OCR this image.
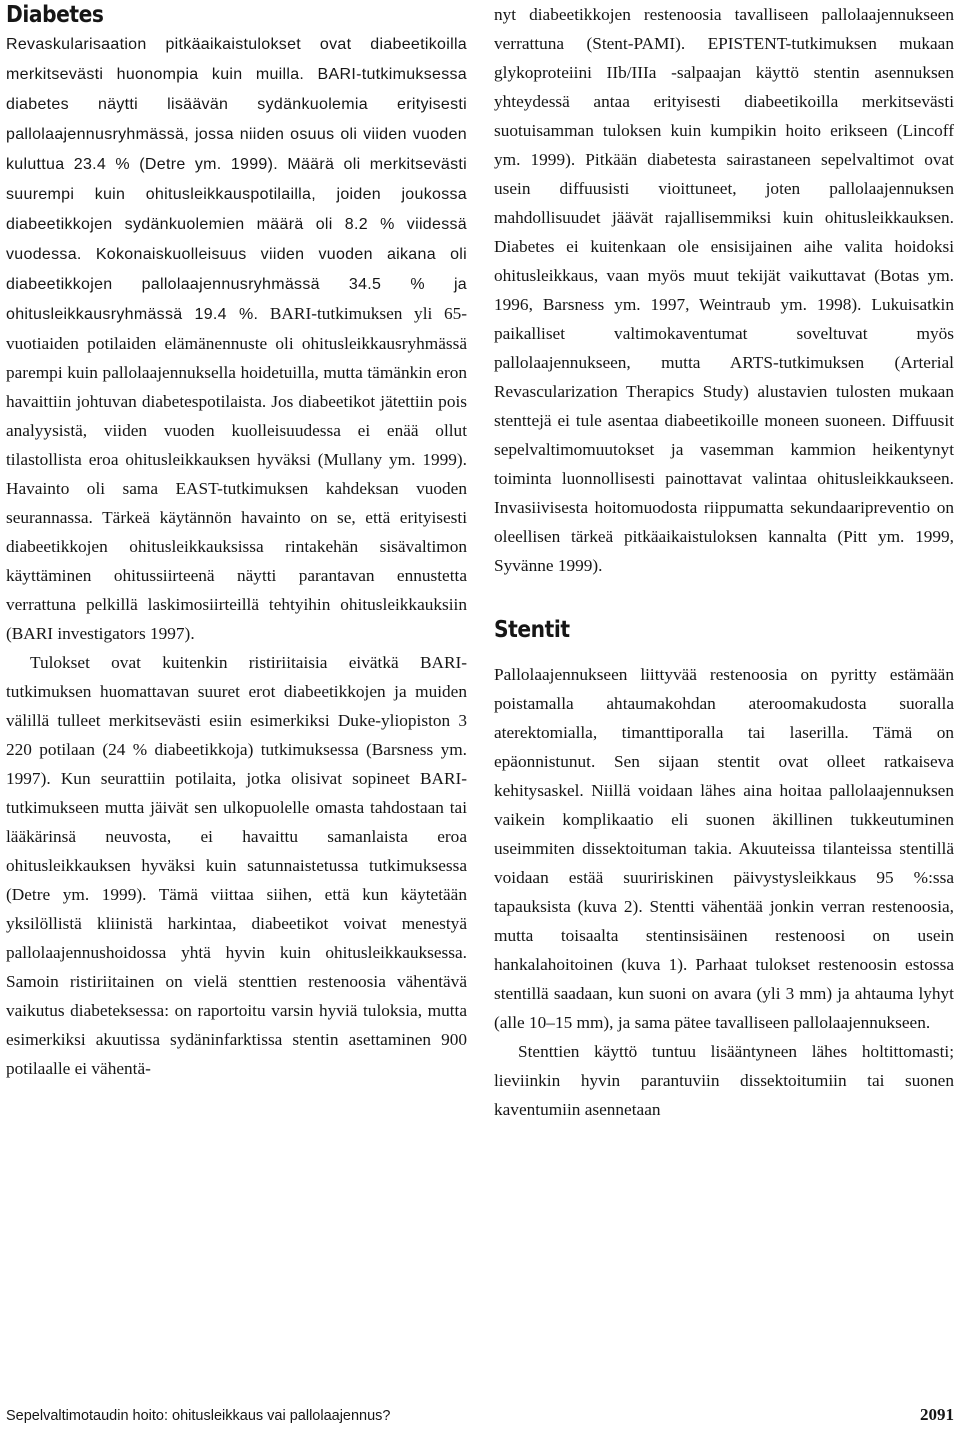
Diabetes

Revaskularisaation pitkäaikaistulokset ovat diabeetikoilla merkitsevästi huonompia kuin muilla. BARI-tutkimuksessa diabetes näytti lisäävän sydänkuolemia erityisesti pallolaajennusryhmässä, jossa niiden osuus oli viiden vuoden kuluttua 23.4 % (Detre ym. 1999). Määrä oli merkitsevästi suurempi kuin ohitusleikkauspotilailla, joiden joukossa diabeetikkojen sydänkuolemien määrä oli 8.2 % viidessä vuodessa. Kokonaiskuolleisuus viiden vuoden aikana oli diabeetikkojen pallolaajennusryhmässä 34.5 % ja ohitusleikkausryhmässä 19.4 %. BARI-tutkimuksen yli 65-vuotiaiden potilaiden elämänennuste oli ohitusleikkausryhmässä parempi kuin pallolaajennuksella hoidetuilla, mutta tämänkin eron havaittiin johtuvan diabetespotilaista. Jos diabeetikot jätettiin pois analyysistä, viiden vuoden kuolleisuudessa ei enää ollut tilastollista eroa ohitusleikkauksen hyväksi (Mullany ym. 1999). Havainto oli sama EAST-tutkimuksen kahdeksan vuoden seurannassa. Tärkeä käytännön havainto on se, että erityisesti diabeetikkojen ohitusleikkauksissa rintakehän sisävaltimon käyttäminen ohitussiirteenä näytti parantavan ennustetta verrattuna pelkillä laskimosiirteillä tehtyihin ohitusleikkauksiin (BARI investigators 1997).

Tulokset ovat kuitenkin ristiriitaisia eivätkä BARI-tutkimuksen huomattavan suuret erot diabeetikkojen ja muiden välillä tulleet merkitsevästi esiin esimerkiksi Duke-yliopiston 3 220 potilaan (24 % diabeetikkoja) tutkimuksessa (Barsness ym. 1997). Kun seurattiin potilaita, jotka olisivat sopineet BARI-tutkimukseen mutta jäivät sen ulkopuolelle omasta tahdostaan tai lääkärinsä neuvosta, ei havaittu samanlaista eroa ohitusleikkauksen hyväksi kuin satunnaistetussa tutkimuksessa (Detre ym. 1999). Tämä viittaa siihen, että kun käytetään yksilöllistä kliinistä harkintaa, diabeetikot voivat menestyä pallolaajennushoidossa yhtä hyvin kuin ohitusleikkauksessa. Samoin ristiriitainen on vielä stenttien restenoosia vähentävä vaikutus diabeteksessa: on raportoitu varsin hyviä tuloksia, mutta esimerkiksi akuutissa sydäninfarktissa stentin asettaminen 900 potilaalle ei vähentä-

nyt diabeetikkojen restenoosia tavalliseen pallolaajennukseen verrattuna (Stent-PAMI). EPISTENT-tutkimuksen mukaan glykoproteiini IIb/IIIa -salpaajan käyttö stentin asennuksen yhteydessä antaa erityisesti diabeetikoilla merkitsevästi suotuisamman tuloksen kuin kumpikin hoito erikseen (Lincoff ym. 1999). Pitkään diabetesta sairastaneen sepelvaltimot ovat usein diffuusisti vioittuneet, joten pallolaajennuksen mahdollisuudet jäävät rajallisemmiksi kuin ohitusleikkauksen. Diabetes ei kuitenkaan ole ensisijainen aihe valita hoidoksi ohitusleikkaus, vaan myös muut tekijät vaikuttavat (Botas ym. 1996, Barsness ym. 1997, Weintraub ym. 1998). Lukuisatkin paikalliset valtimokaventumat soveltuvat myös pallolaajennukseen, mutta ARTS-tutkimuksen (Arterial Revascularization Therapics Study) alustavien tulosten mukaan stenttejä ei tule asentaa diabeetikoille moneen suoneen. Diffuusit sepelvaltimomuutokset ja vasemman kammion heikentynyt toiminta luonnollisesti painottavat valintaa ohitusleikkaukseen. Invasiivisesta hoitomuodosta riippumatta sekundaaripreventio on oleellisen tärkeä pitkäaikaistuloksen kannalta (Pitt ym. 1999, Syvänne 1999).

Stentit

Pallolaajennukseen liittyvää restenoosia on pyritty estämään poistamalla ahtaumakohdan ateroomakudosta suoralla aterektomialla, timanttiporalla tai laserilla. Tämä on epäonnistunut. Sen sijaan stentit ovat olleet ratkaiseva kehitysaskel. Niillä voidaan lähes aina hoitaa pallolaajennuksen vaikein komplikaatio eli suonen äkillinen tukkeutuminen useimmiten dissektoituman takia. Akuuteissa tilanteissa stentillä voidaan estää suuririskinen päivystysleikkaus 95 %:ssa tapauksista (kuva 2). Stentti vähentää jonkin verran restenoosia, mutta toisaalta stentinsisäinen restenoosi on usein hankalahoitoinen (kuva 1). Parhaat tulokset restenoosin estossa stentillä saadaan, kun suoni on avara (yli 3 mm) ja ahtauma lyhyt (alle 10–15 mm), ja sama pätee tavalliseen pallolaajennukseen.

Stenttien käyttö tuntuu lisääntyneen lähes holtittomasti; lieviinkin hyvin parantuviin dissektoitumiin tai suonen kaventumiin asennetaan

Sepelvaltimotaudin hoito: ohitusleikkaus vai pallolaajennus?	2091
